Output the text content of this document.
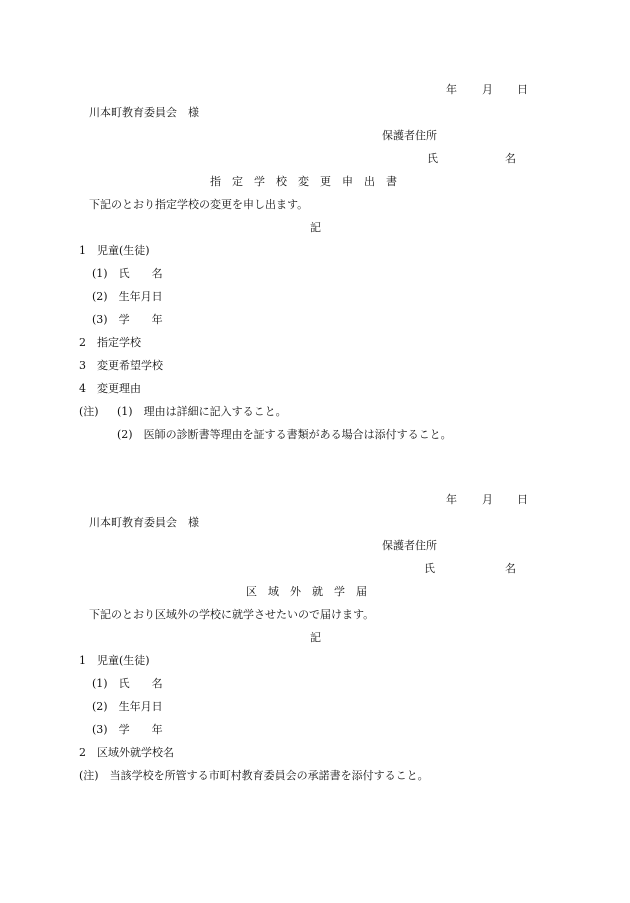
年 月 日
川本町教育委員会　様
保護者住所
氏	名
指　定　学　校　変　更　申　出　書
下記のとおり指定学校の変更を申し出ます。
記
1　児童(生徒)
(1)　氏　　名
(2)　生年月日
(3)　学　　年
2　指定学校
3　変更希望学校
4　変更理由
(注) (1)　理由は詳細に記入すること。
(2)　医師の診断書等理由を証する書類がある場合は添付すること。
年 月 日
川本町教育委員会　様
保護者住所
氏	名
区　域　外　就　学　届
下記のとおり区域外の学校に就学させたいので届けます。
記
1　児童(生徒)
(1)　氏　　名
(2)　生年月日
(3)　学　　年
2　区域外就学校名
(注)　当該学校を所管する市町村教育委員会の承諾書を添付すること。
